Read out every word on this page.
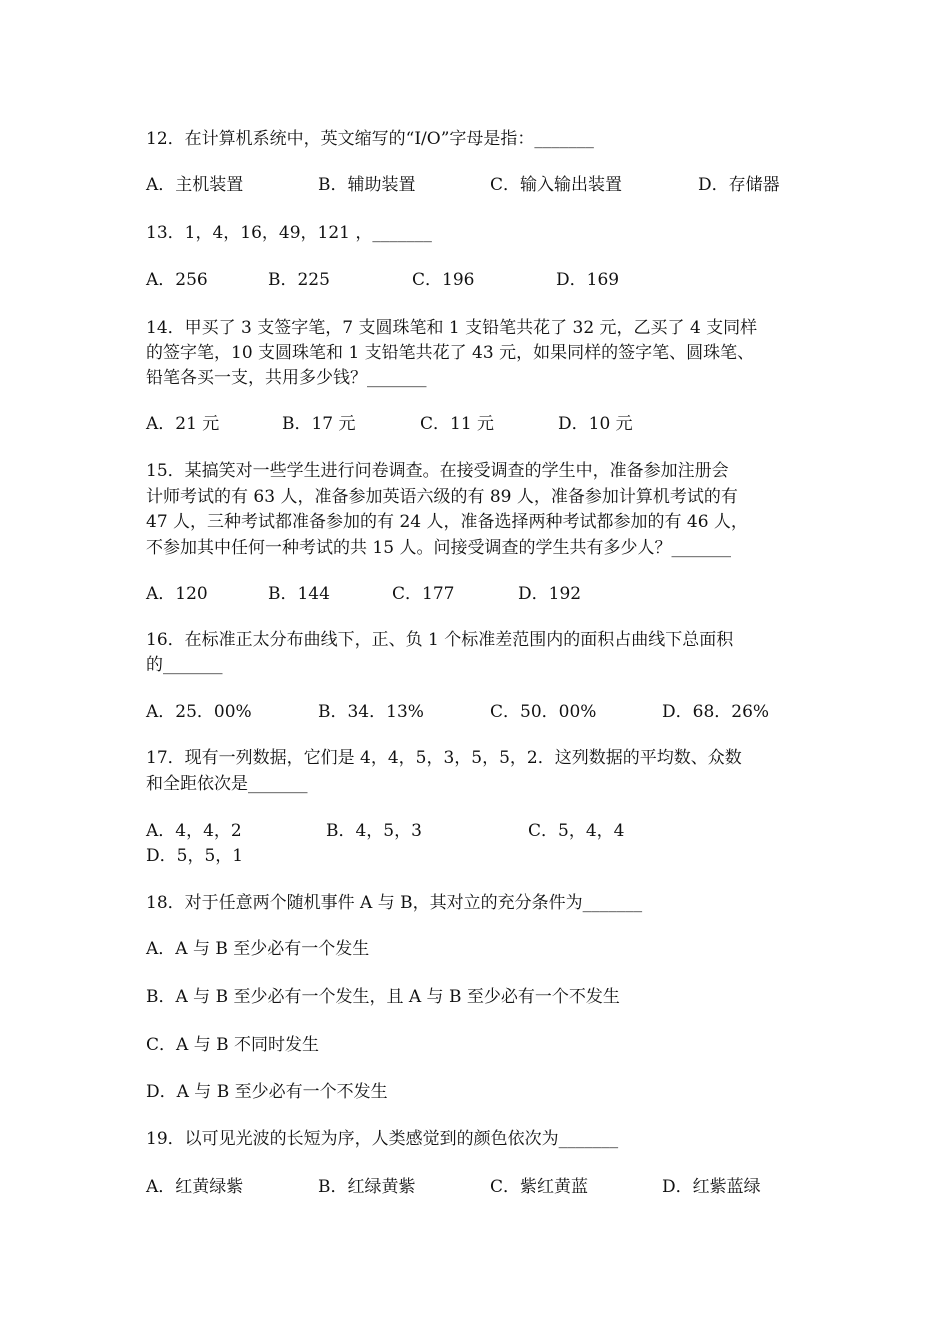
12．在计算机系统中，英文缩写的“I/O”字母是指：_______
A．主机装置	B．辅助装置	C．输入输出装置	D．存储器
13．1，4，16，49，121 ，_______
A．256	B．225	C．196	D．169
14．甲买了 3 支签字笔，7 支圆珠笔和 1 支铅笔共花了 32 元，乙买了 4 支同样
的签字笔，10 支圆珠笔和 1 支铅笔共花了 43 元，如果同样的签字笔、圆珠笔、
铅笔各买一支，共用多少钱？_______
A．21 元	B．17 元	C．11 元	D．10 元
15．某搞笑对一些学生进行问卷调查。在接受调查的学生中，准备参加注册会
计师考试的有 63 人，准备参加英语六级的有 89 人，准备参加计算机考试的有
47 人，三种考试都准备参加的有 24 人，准备选择两种考试都参加的有 46 人，
不参加其中任何一种考试的共 15 人。问接受调查的学生共有多少人？_______
A．120	B．144	C．177	D．192
16．在标准正太分布曲线下，正、负 1 个标准差范围内的面积占曲线下总面积
的_______
A．25．00%	B．34．13%	C．50．00%	D．68．26%
17．现有一列数据，它们是 4，4，5，3，5，5，2．这列数据的平均数、众数
和全距依次是_______
A．4，4，2	B．4，5，3	C．5，4，4
D．5，5，1
18．对于任意两个随机事件 A 与 B，其对立的充分条件为_______
A．A 与 B 至少必有一个发生
B．A 与 B 至少必有一个发生，且 A 与 B 至少必有一个不发生
C．A 与 B 不同时发生
D．A 与 B 至少必有一个不发生
19．以可见光波的长短为序，人类感觉到的颜色依次为_______
A．红黄绿紫	B．红绿黄紫	C．紫红黄蓝	D．红紫蓝绿
